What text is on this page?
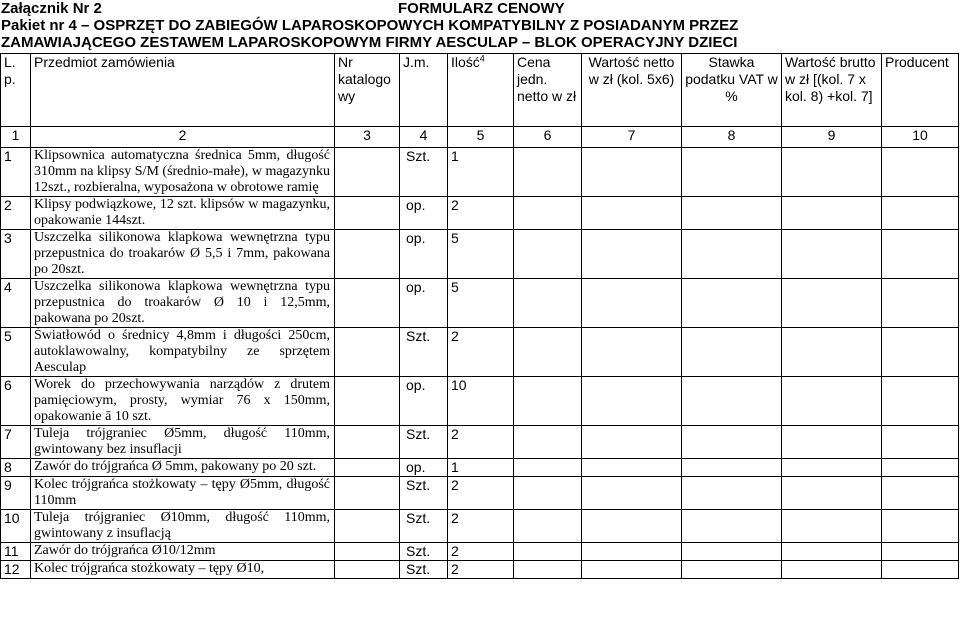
Załącznik Nr 2	FORMULARZ CENOWY
Pakiet nr 4 – OSPRZĘT DO ZABIEGÓW LAPAROSKOPOWYCH KOMPATYBILNY Z POSIADANYM PRZEZ
ZAMAWIAJĄCEGO ZESTAWEM LAPAROSKOPOWYM FIRMY AESCULAP – BLOK OPERACYJNY DZIECI
L. p.	Przedmiot zamówienia	Nr katalogo wy	J.m.	Ilość$^4$	Cena jedn. netto w zł	Wartość netto w zł (kol. 5x6)	Stawka podatku VAT w %	Wartość brutto w zł [(kol. 7 x kol. 8) +kol. 7]	Producent
1	2	3	4	5	6	7	8	9	10
1	Klipsownica automatyczna średnica 5mm, długość 310mm na klipsy S/M (średnio-małe), w magazynku 12szt., rozbieralna, wyposażona w obrotowe ramię		Szt.	1					
2	Klipsy podwiązkowe, 12 szt. klipsów w magazynku, opakowanie 144szt.		op.	2					
3	Uszczelka silikonowa klapkowa wewnętrzna typu przepustnica do troakarów Ø 5,5 i 7mm, pakowana po 20szt.		op.	5					
4	Uszczelka silikonowa klapkowa wewnętrzna typu przepustnica do troakarów Ø 10 i 12,5mm, pakowana po 20szt.		op.	5					
5	Światłowód o średnicy 4,8mm i długości 250cm, autoklawowalny, kompatybilny ze sprzętem Aesculap		Szt.	2					
6	Worek do przechowywania narządów z drutem pamięciowym, prosty, wymiar 76 x 150mm, opakowanie ā 10 szt.		op.	10					
7	Tuleja trójgraniec Ø5mm, długość 110mm, gwintowany bez insuflacji		Szt.	2					
8	Zawór do trójgrańca Ø 5mm, pakowany po 20 szt.		op.	1					
9	Kolec trójgrańca stożkowaty – tępy Ø5mm, długość 110mm		Szt.	2					
10	Tuleja trójgraniec Ø10mm, długość 110mm, gwintowany z insuflacją		Szt.	2					
11	Zawór do trójgrańca Ø10/12mm		Szt.	2					
12	Kolec trójgrańca stożkowaty – tępy Ø10,		Szt.	2					
